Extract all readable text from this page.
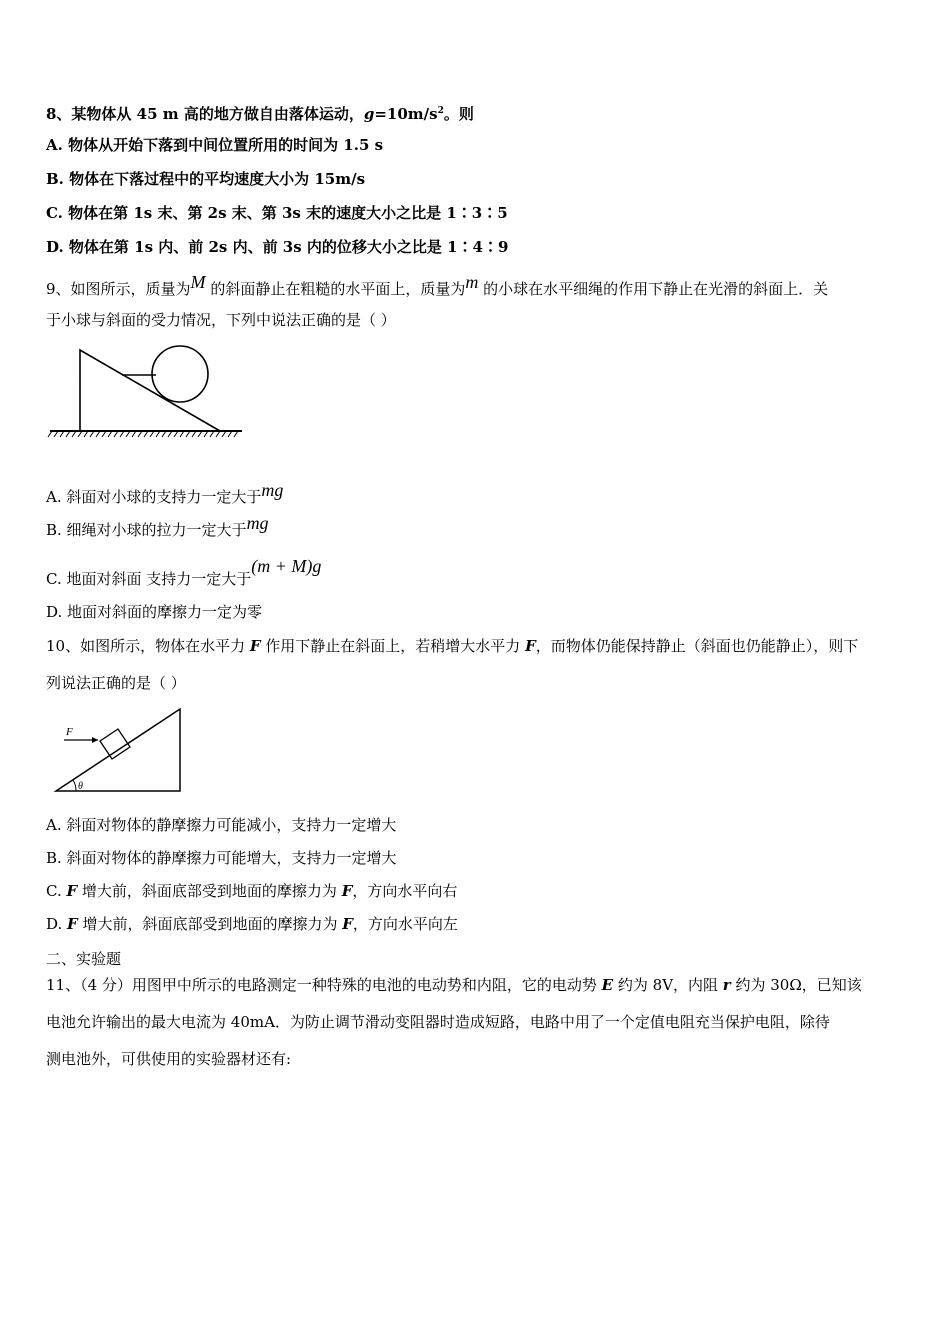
8、某物体从 45 m 高的地方做自由落体运动，$g=10m/s^2$。则
A. 物体从开始下落到中间位置所用的时间为 1.5 s
B. 物体在下落过程中的平均速度大小为 15m/s
C. 物体在第 1s 末、第 2s 末、第 3s 末的速度大小之比是 1∶3∶5
D. 物体在第 1s 内、前 2s 内、前 3s 内的位移大小之比是 1∶4∶9
9、如图所示，质量为M 的斜面静止在粗糙的水平面上，质量为m 的小球在水平细绳的作用下静止在光滑的斜面上．关
于小球与斜面的受力情况，下列中说法正确的是（ ）
A. 斜面对小球的支持力一定大于mg
B. 细绳对小球的拉力一定大于mg
C. 地面对斜面 支持力一定大于(m + M)g
D. 地面对斜面的摩擦力一定为零
10、如图所示，物体在水平力 F 作用下静止在斜面上，若稍增大水平力 F，而物体仍能保持静止（斜面也仍能静止），则下
列说法正确的是（ ）
F
θ
A. 斜面对物体的静摩擦力可能减小，支持力一定增大
B. 斜面对物体的静摩擦力可能增大，支持力一定增大
C. F 增大前，斜面底部受到地面的摩擦力为 F，方向水平向右
D. F 增大前，斜面底部受到地面的摩擦力为 F，方向水平向左
二、实验题
11、（4 分）用图甲中所示的电路测定一种特殊的电池的电动势和内阻，它的电动势 E 约为 8V，内阻 r 约为 30Ω，已知该
电池允许输出的最大电流为 40mA．为防止调节滑动变阻器时造成短路，电路中用了一个定值电阻充当保护电阻，除待
测电池外，可供使用的实验器材还有:
